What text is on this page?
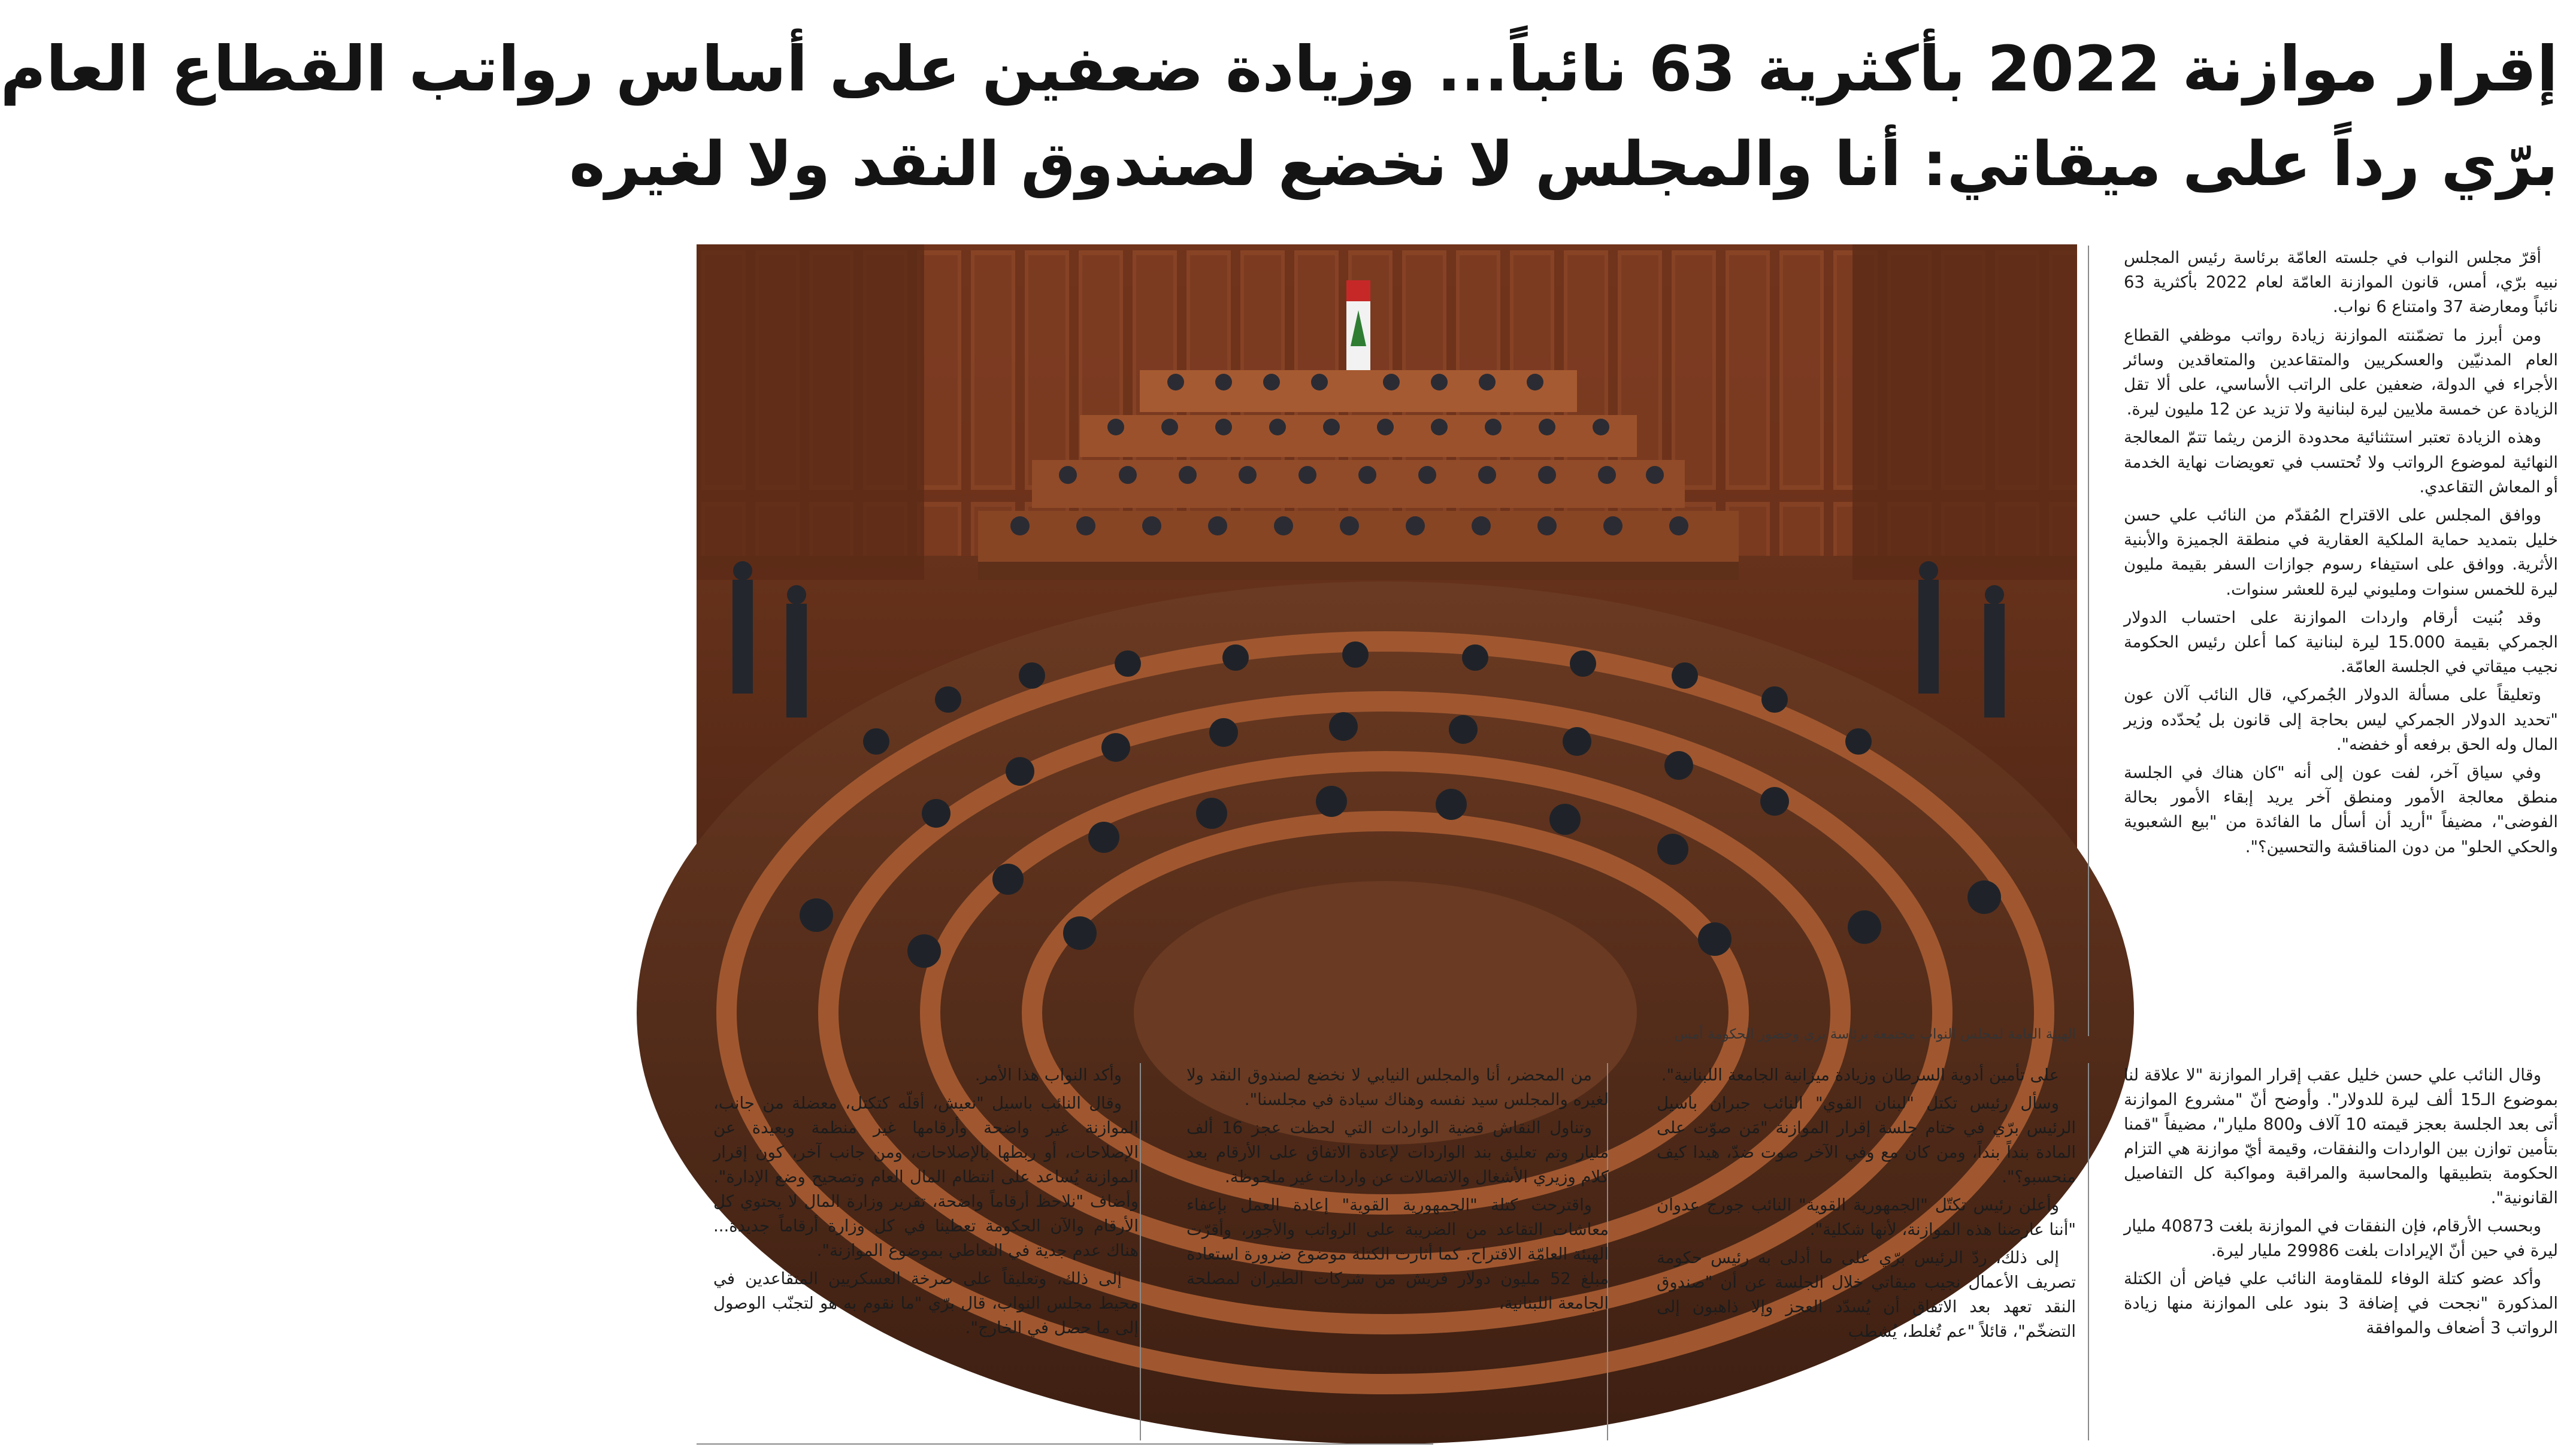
إقرار موازنة 2022 بأكثرية 63 نائباً... وزيادة ضعفين على أساس رواتب القطاع العام
برّي رداً على ميقاتي: أنا والمجلس لا نخضع لصندوق النقد ولا لغيره

أقرّ مجلس النواب في جلسته العامّة برئاسة رئيس المجلس نبيه برّي، أمس، قانون الموازنة العامّة لعام 2022 بأكثرية 63 نائباً ومعارضة 37 وامتناع 6 نواب.

ومن أبرز ما تضمّنته الموازنة زيادة رواتب موظفي القطاع العام المدنيّين والعسكريين والمتقاعدين والمتعاقدين وسائر الأجراء في الدولة، ضعفين على الراتب الأساسي، على ألا تقل الزيادة عن خمسة ملايين ليرة لبنانية ولا تزيد عن 12 مليون ليرة.

وهذه الزيادة تعتبر استثنائية محدودة الزمن ريثما تتمّ المعالجة النهائية لموضوع الرواتب ولا تُحتسب في تعويضات نهاية الخدمة أو المعاش التقاعدي.

ووافق المجلس على الاقتراح المُقدّم من النائب علي حسن خليل بتمديد حماية الملكية العقارية في منطقة الجميزة والأبنية الأثرية. ووافق على استيفاء رسوم جوازات السفر بقيمة مليون ليرة للخمس سنوات ومليوني ليرة للعشر سنوات.

وقد بُنيت أرقام واردات الموازنة على احتساب الدولار الجمركي بقيمة 15.000 ليرة لبنانية كما أعلن رئيس الحكومة نجيب ميقاتي في الجلسة العامّة.

وتعليقاً على مسألة الدولار الجُمركي، قال النائب آلان عون "تحديد الدولار الجمركي ليس بحاجة إلى قانون بل يُحدّده وزير المال وله الحق برفعه أو خفضه".

وفي سياق آخر، لفت عون إلى أنه "كان هناك في الجلسة منطق معالجة الأمور ومنطق آخر يريد إبقاء الأمور بحالة الفوضى"، مضيفاً "أريد أن أسأل ما الفائدة من "بيع الشعبوية والحكي الحلو" من دون المناقشة والتحسين؟".

الهيئة العامة لمجلس النواب مجتمعة برئاسة بري وحضور الحكومة أمس

وقال النائب علي حسن خليل عقب إقرار الموازنة "لا علاقة لنا بموضوع الـ15 ألف ليرة للدولار". وأوضح أنّ "مشروع الموازنة أتى بعد الجلسة بعجز قيمته 10 آلاف و800 مليار"، مضيفاً "قمنا بتأمين توازن بين الواردات والنفقات، وقيمة أيّ موازنة هي التزام الحكومة بتطبيقها والمحاسبة والمراقبة ومواكبة كل التفاصيل القانونية".

وبحسب الأرقام، فإن النفقات في الموازنة بلغت 40873 مليار ليرة في حين أنّ الإيرادات بلغت 29986 مليار ليرة.

وأكد عضو كتلة الوفاء للمقاومة النائب علي فياض أن الكتلة المذكورة "نجحت في إضافة 3 بنود على الموازنة منها زيادة الرواتب 3 أضعاف والموافقة

على تأمين أدوية السرطان وزيادة ميزانية الجامعة اللبنانية".

وسأل رئيس تكتل "لبنان القوي" النائب جبران باسيل الرئيس برّي في ختام جلسة إقرار الموازنة "مَن صوّت على المادة بنداً بنداً، ومن كان مع وفي الآخر صوت ضدّ، هيدا كيف منحسبو؟".

وأعلن رئيس تكتّل "الجمهورية القوية" النائب جورج عدوان "أننا عارضنا هذه الموازنة، لأنها شكلية".

إلى ذلك، ردّ الرئيس برّي على ما أدلى به رئيس حكومة تصريف الأعمال نجيب ميقاتي خلال الجلسة عن أن "صندوق النقد تعهد بعد الاتفاق أن يُسدّد العجز وإلا ذاهبون إلى التضخّم"، قائلاً "عم تُغلط، يُشطب

من المحضر، أنا والمجلس النيابي لا نخضع لصندوق النقد ولا لغيره والمجلس سيد نفسه وهناك سيادة في مجلسنا".

وتناول النقاش قضية الواردات التي لحظت عجز 16 ألف مليار وتم تعليق بند الواردات لإعادة الاتفاق على الأرقام بعد كلام وزيري الأشغال والاتصالات عن واردات غير ملحوظة.

واقترحت كتلة "الجمهورية القوية" إعادة العمل بإعفاء معاشات التقاعد من الضريبة على الرواتب والأجور، وأقرّت الهيئة العامّة الاقتراح. كما أثارت الكتلة موضوع ضرورة استعادة مبلغ 52 مليون دولار فريش من شركات الطيران لمصلحة الجامعة اللبنانية،

وأكد النواب هذا الأمر.

وقال النائب باسيل "نعيش، أقلّه كتكتل، معضلة من جانب، الموازنة غير واضحة وأرقامها غير منظمة وبعيدة عن الإصلاحات، أو ربطها بالإصلاحات، ومن جانب آخر، كون إقرار الموازنة يُساعد على انتظام المال العام وتصحيح وضع الإدارة". وأضاف "نلاحظ أرقاماً واضحة، تقرير وزارة المال لا يحتوي كل الأرقام والآن الحكومة تعطينا في كل وزارة أرقاماً جديدة... هناك عدم جدية في التعاطي بموضوع الموازنة".

إلى ذلك، وتعليقاً على صرخة العسكريين المتقاعدين في محيط مجلس النواب، قال برّي "ما نقوم به هو لتجنّب الوصول إلى ما حصل في الخارج".
